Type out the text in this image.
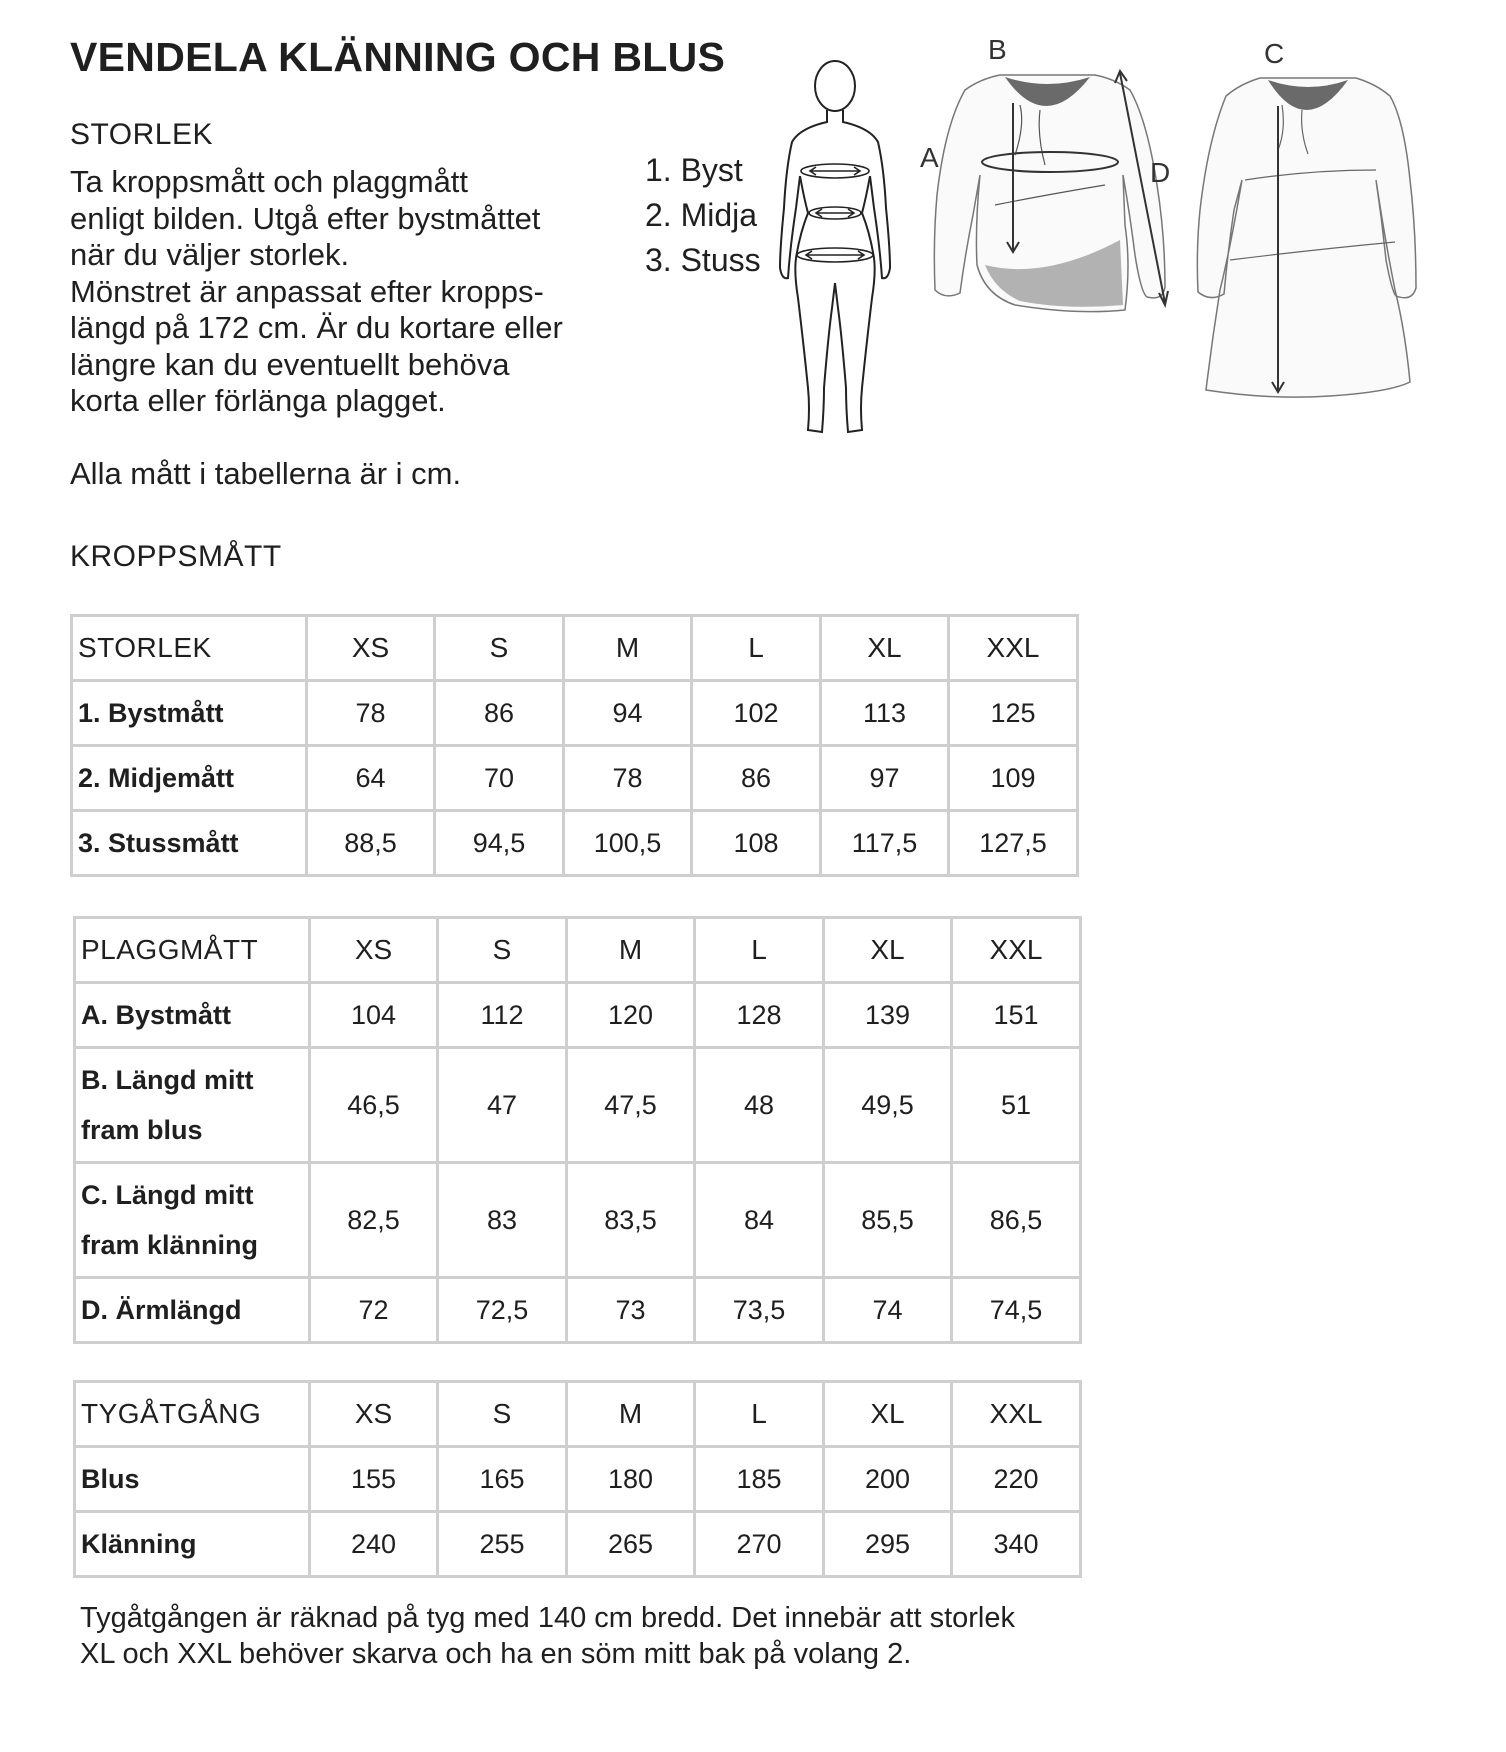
VENDELA KLÄNNING OCH BLUS
STORLEK

Ta kroppsmått och plaggmått

enligt bilden. Utgå efter bystmåttet

när du väljer storlek.

Mönstret är anpassat efter kropps-

längd på 172 cm. Är du kortare eller

längre kan du eventuellt behöva

korta eller förlänga plagget.

Alla mått i tabellerna är i cm.
1. Byst
2. Midja
3. Stuss
B
A	D
C
KROPPSMÅTT
STORLEK	XS	S	M	L	XL	XXL
1. Bystmått	78	86	94	102	113	125
2. Midjemått	64	70	78	86	97	109
3. Stussmått	88,5	94,5	100,5	108	117,5	127,5
PLAGGMÅTT	XS	S	M	L	XL	XXL
A. Bystmått	104	112	120	128	139	151
B. Längd mitt
fram blus	46,5	47	47,5	48	49,5	51
C. Längd mitt
fram klänning	82,5	83	83,5	84	85,5	86,5
D. Ärmlängd	72	72,5	73	73,5	74	74,5
TYGÅTGÅNG	XS	S	M	L	XL	XXL
Blus	155	165	180	185	200	220
Klänning	240	255	265	270	295	340

Tygåtgången är räknad på tyg med 140 cm bredd. Det innebär att storlek

XL och XXL behöver skarva och ha en söm mitt bak på volang 2.
